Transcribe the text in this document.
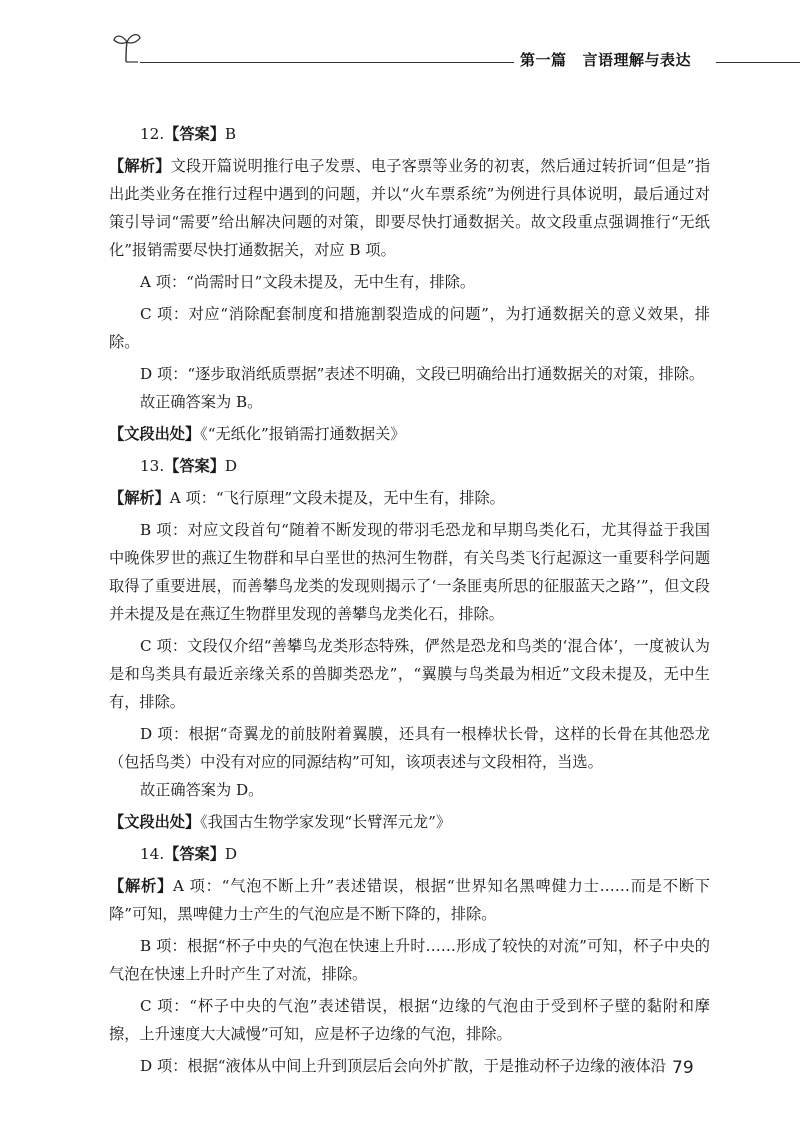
第一篇 言语理解与表达

12.【答案】B

【解析】文段开篇说明推行电子发票、电子客票等业务的初衷，然后通过转折词“但是”指出此类业务在推行过程中遇到的问题，并以“火车票系统”为例进行具体说明，最后通过对策引导词“需要”给出解决问题的对策，即要尽快打通数据关。故文段重点强调推行“无纸化”报销需要尽快打通数据关，对应 B 项。

A 项：“尚需时日”文段未提及，无中生有，排除。

C 项：对应“消除配套制度和措施割裂造成的问题”，为打通数据关的意义效果，排除。

D 项：“逐步取消纸质票据”表述不明确，文段已明确给出打通数据关的对策，排除。

故正确答案为 B。

【文段出处】《“无纸化”报销需打通数据关》

13.【答案】D

【解析】A 项：“飞行原理”文段未提及，无中生有，排除。

B 项：对应文段首句“随着不断发现的带羽毛恐龙和早期鸟类化石，尤其得益于我国中晚侏罗世的燕辽生物群和早白垩世的热河生物群，有关鸟类飞行起源这一重要科学问题取得了重要进展，而善攀鸟龙类的发现则揭示了‘一条匪夷所思的征服蓝天之路’”，但文段并未提及是在燕辽生物群里发现的善攀鸟龙类化石，排除。

C 项：文段仅介绍“善攀鸟龙类形态特殊，俨然是恐龙和鸟类的‘混合体’，一度被认为是和鸟类具有最近亲缘关系的兽脚类恐龙”，“翼膜与鸟类最为相近”文段未提及，无中生有，排除。

D 项：根据“奇翼龙的前肢附着翼膜，还具有一根棒状长骨，这样的长骨在其他恐龙（包括鸟类）中没有对应的同源结构”可知，该项表述与文段相符，当选。

故正确答案为 D。

【文段出处】《我国古生物学家发现“长臂浑元龙”》

14.【答案】D

【解析】A 项：“气泡不断上升”表述错误，根据“世界知名黑啤健力士……而是不断下降”可知，黑啤健力士产生的气泡应是不断下降的，排除。

B 项：根据“杯子中央的气泡在快速上升时……形成了较快的对流”可知，杯子中央的气泡在快速上升时产生了对流，排除。

C 项：“杯子中央的气泡”表述错误，根据“边缘的气泡由于受到杯子壁的黏附和摩擦，上升速度大大减慢”可知，应是杯子边缘的气泡，排除。

D 项：根据“液体从中间上升到顶层后会向外扩散，于是推动杯子边缘的液体沿 79
